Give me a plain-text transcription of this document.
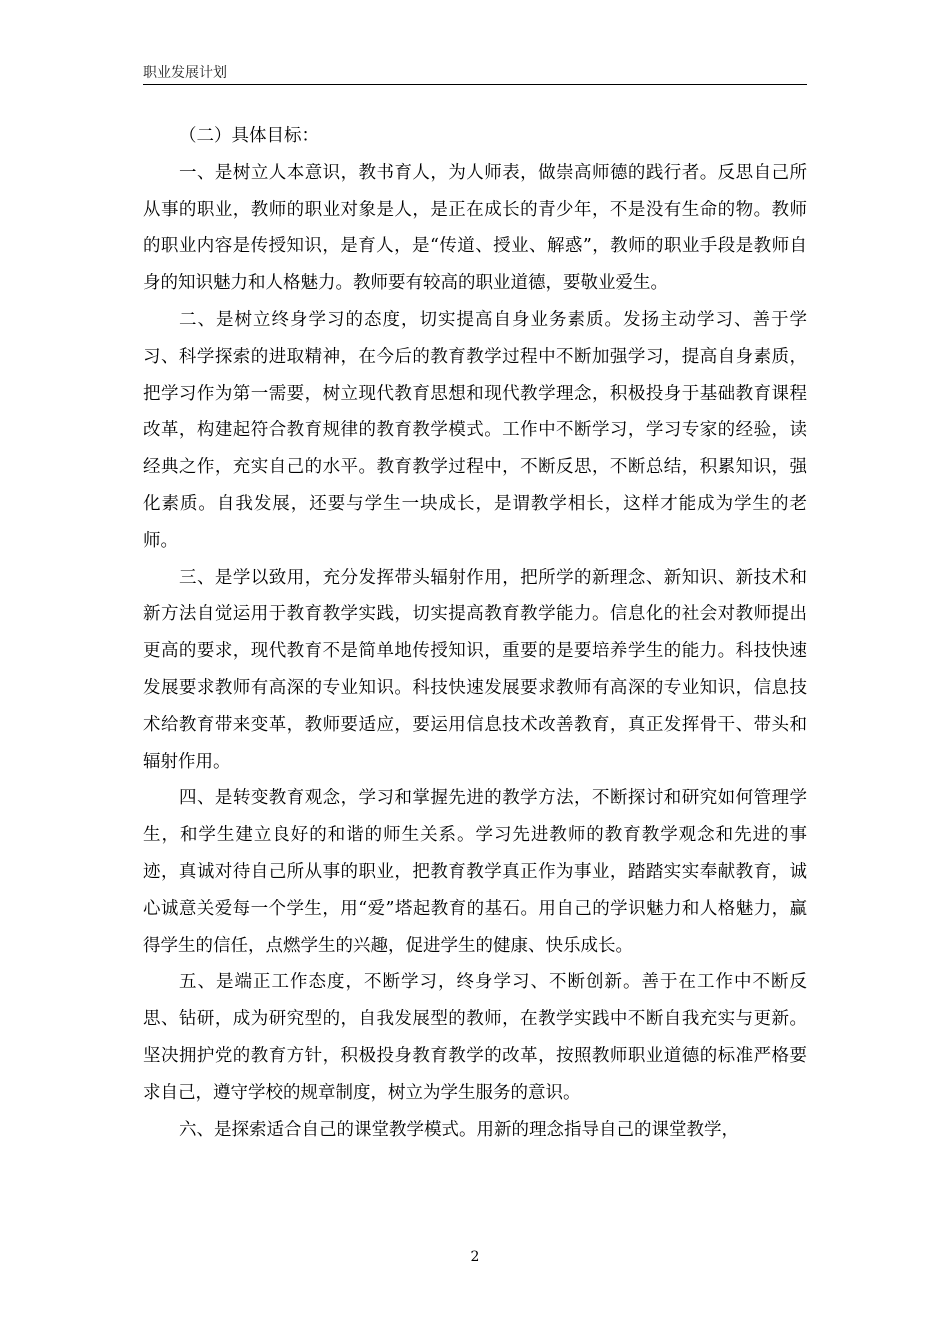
职业发展计划

（二）具体目标：

一、是树立人本意识，教书育人，为人师表，做崇高师德的践行者。反思自己所从事的职业，教师的职业对象是人，是正在成长的青少年，不是没有生命的物。教师的职业内容是传授知识，是育人，是“传道、授业、解惑”，教师的职业手段是教师自身的知识魅力和人格魅力。教师要有较高的职业道德，要敬业爱生。

二、是树立终身学习的态度，切实提高自身业务素质。发扬主动学习、善于学习、科学探索的进取精神，在今后的教育教学过程中不断加强学习，提高自身素质，把学习作为第一需要，树立现代教育思想和现代教学理念，积极投身于基础教育课程改革，构建起符合教育规律的教育教学模式。工作中不断学习，学习专家的经验，读经典之作，充实自己的水平。教育教学过程中，不断反思，不断总结，积累知识，强化素质。自我发展，还要与学生一块成长，是谓教学相长，这样才能成为学生的老师。

三、是学以致用，充分发挥带头辐射作用，把所学的新理念、新知识、新技术和新方法自觉运用于教育教学实践，切实提高教育教学能力。信息化的社会对教师提出更高的要求，现代教育不是简单地传授知识，重要的是要培养学生的能力。科技快速发展要求教师有高深的专业知识。科技快速发展要求教师有高深的专业知识，信息技术给教育带来变革，教师要适应，要运用信息技术改善教育，真正发挥骨干、带头和辐射作用。

四、是转变教育观念，学习和掌握先进的教学方法，不断探讨和研究如何管理学生，和学生建立良好的和谐的师生关系。学习先进教师的教育教学观念和先进的事迹，真诚对待自己所从事的职业，把教育教学真正作为事业，踏踏实实奉献教育，诚心诚意关爱每一个学生，用“爱”塔起教育的基石。用自己的学识魅力和人格魅力，赢得学生的信任，点燃学生的兴趣，促进学生的健康、快乐成长。

五、是端正工作态度，不断学习，终身学习、不断创新。善于在工作中不断反思、钻研，成为研究型的，自我发展型的教师，在教学实践中不断自我充实与更新。坚决拥护党的教育方针，积极投身教育教学的改革，按照教师职业道德的标准严格要求自己，遵守学校的规章制度，树立为学生服务的意识。

六、是探索适合自己的课堂教学模式。用新的理念指导自己的课堂教学，

2
